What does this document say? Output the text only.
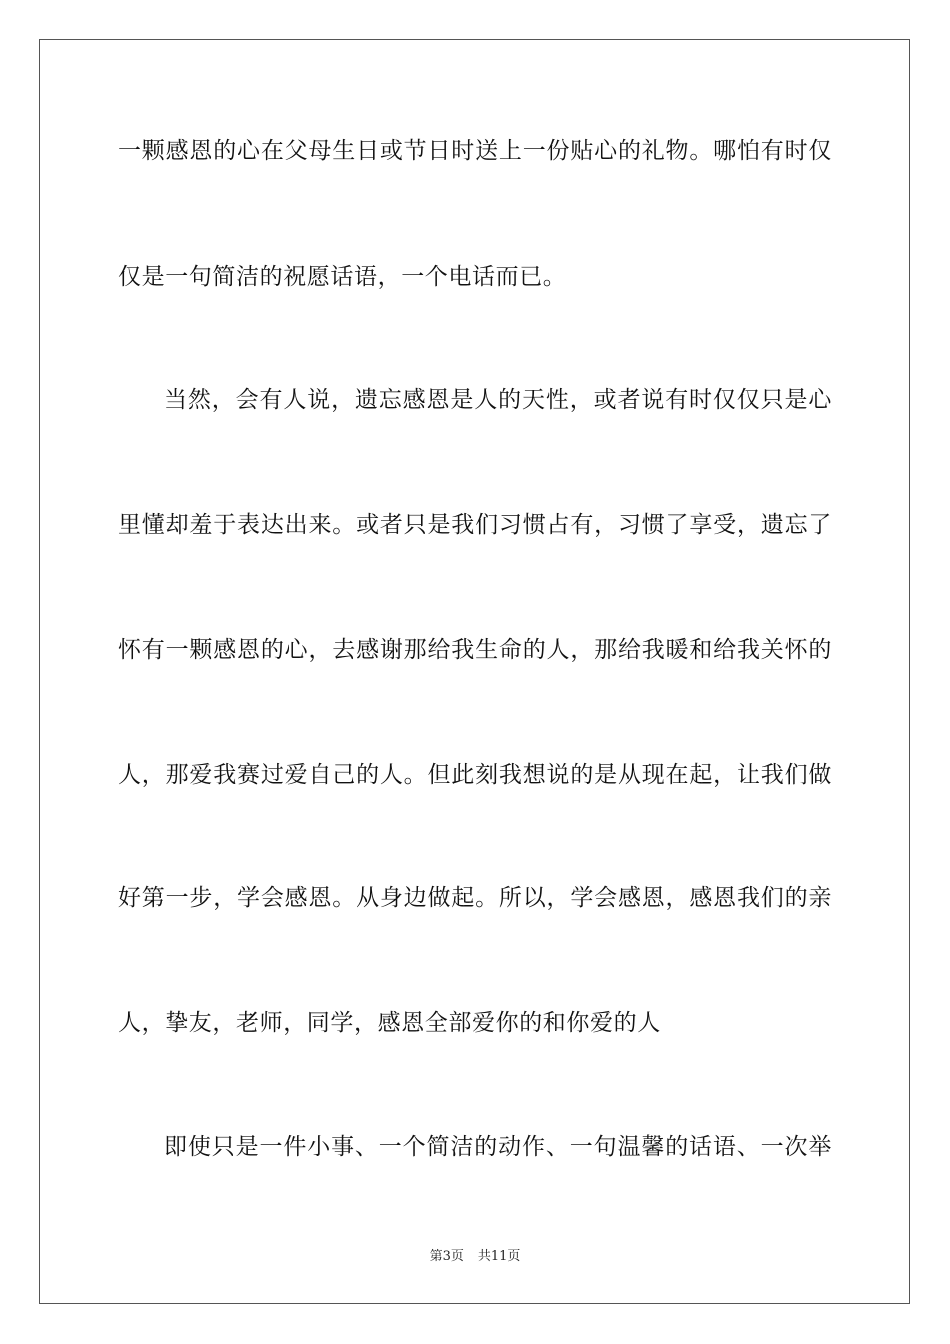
一颗感恩的心在父母生日或节日时送上一份贴心的礼物。哪怕有时仅
仅是一句简洁的祝愿话语，一个电话而已。
当然，会有人说，遗忘感恩是人的天性，或者说有时仅仅只是心
里懂却羞于表达出来。或者只是我们习惯占有，习惯了享受，遗忘了
怀有一颗感恩的心，去感谢那给我生命的人，那给我暖和给我关怀的
人，那爱我赛过爱自己的人。但此刻我想说的是从现在起，让我们做
好第一步，学会感恩。从身边做起。所以，学会感恩，感恩我们的亲
人，挚友，老师，同学，感恩全部爱你的和你爱的人
即使只是一件小事、一个简洁的动作、一句温馨的话语、一次举
第3页 共11页
